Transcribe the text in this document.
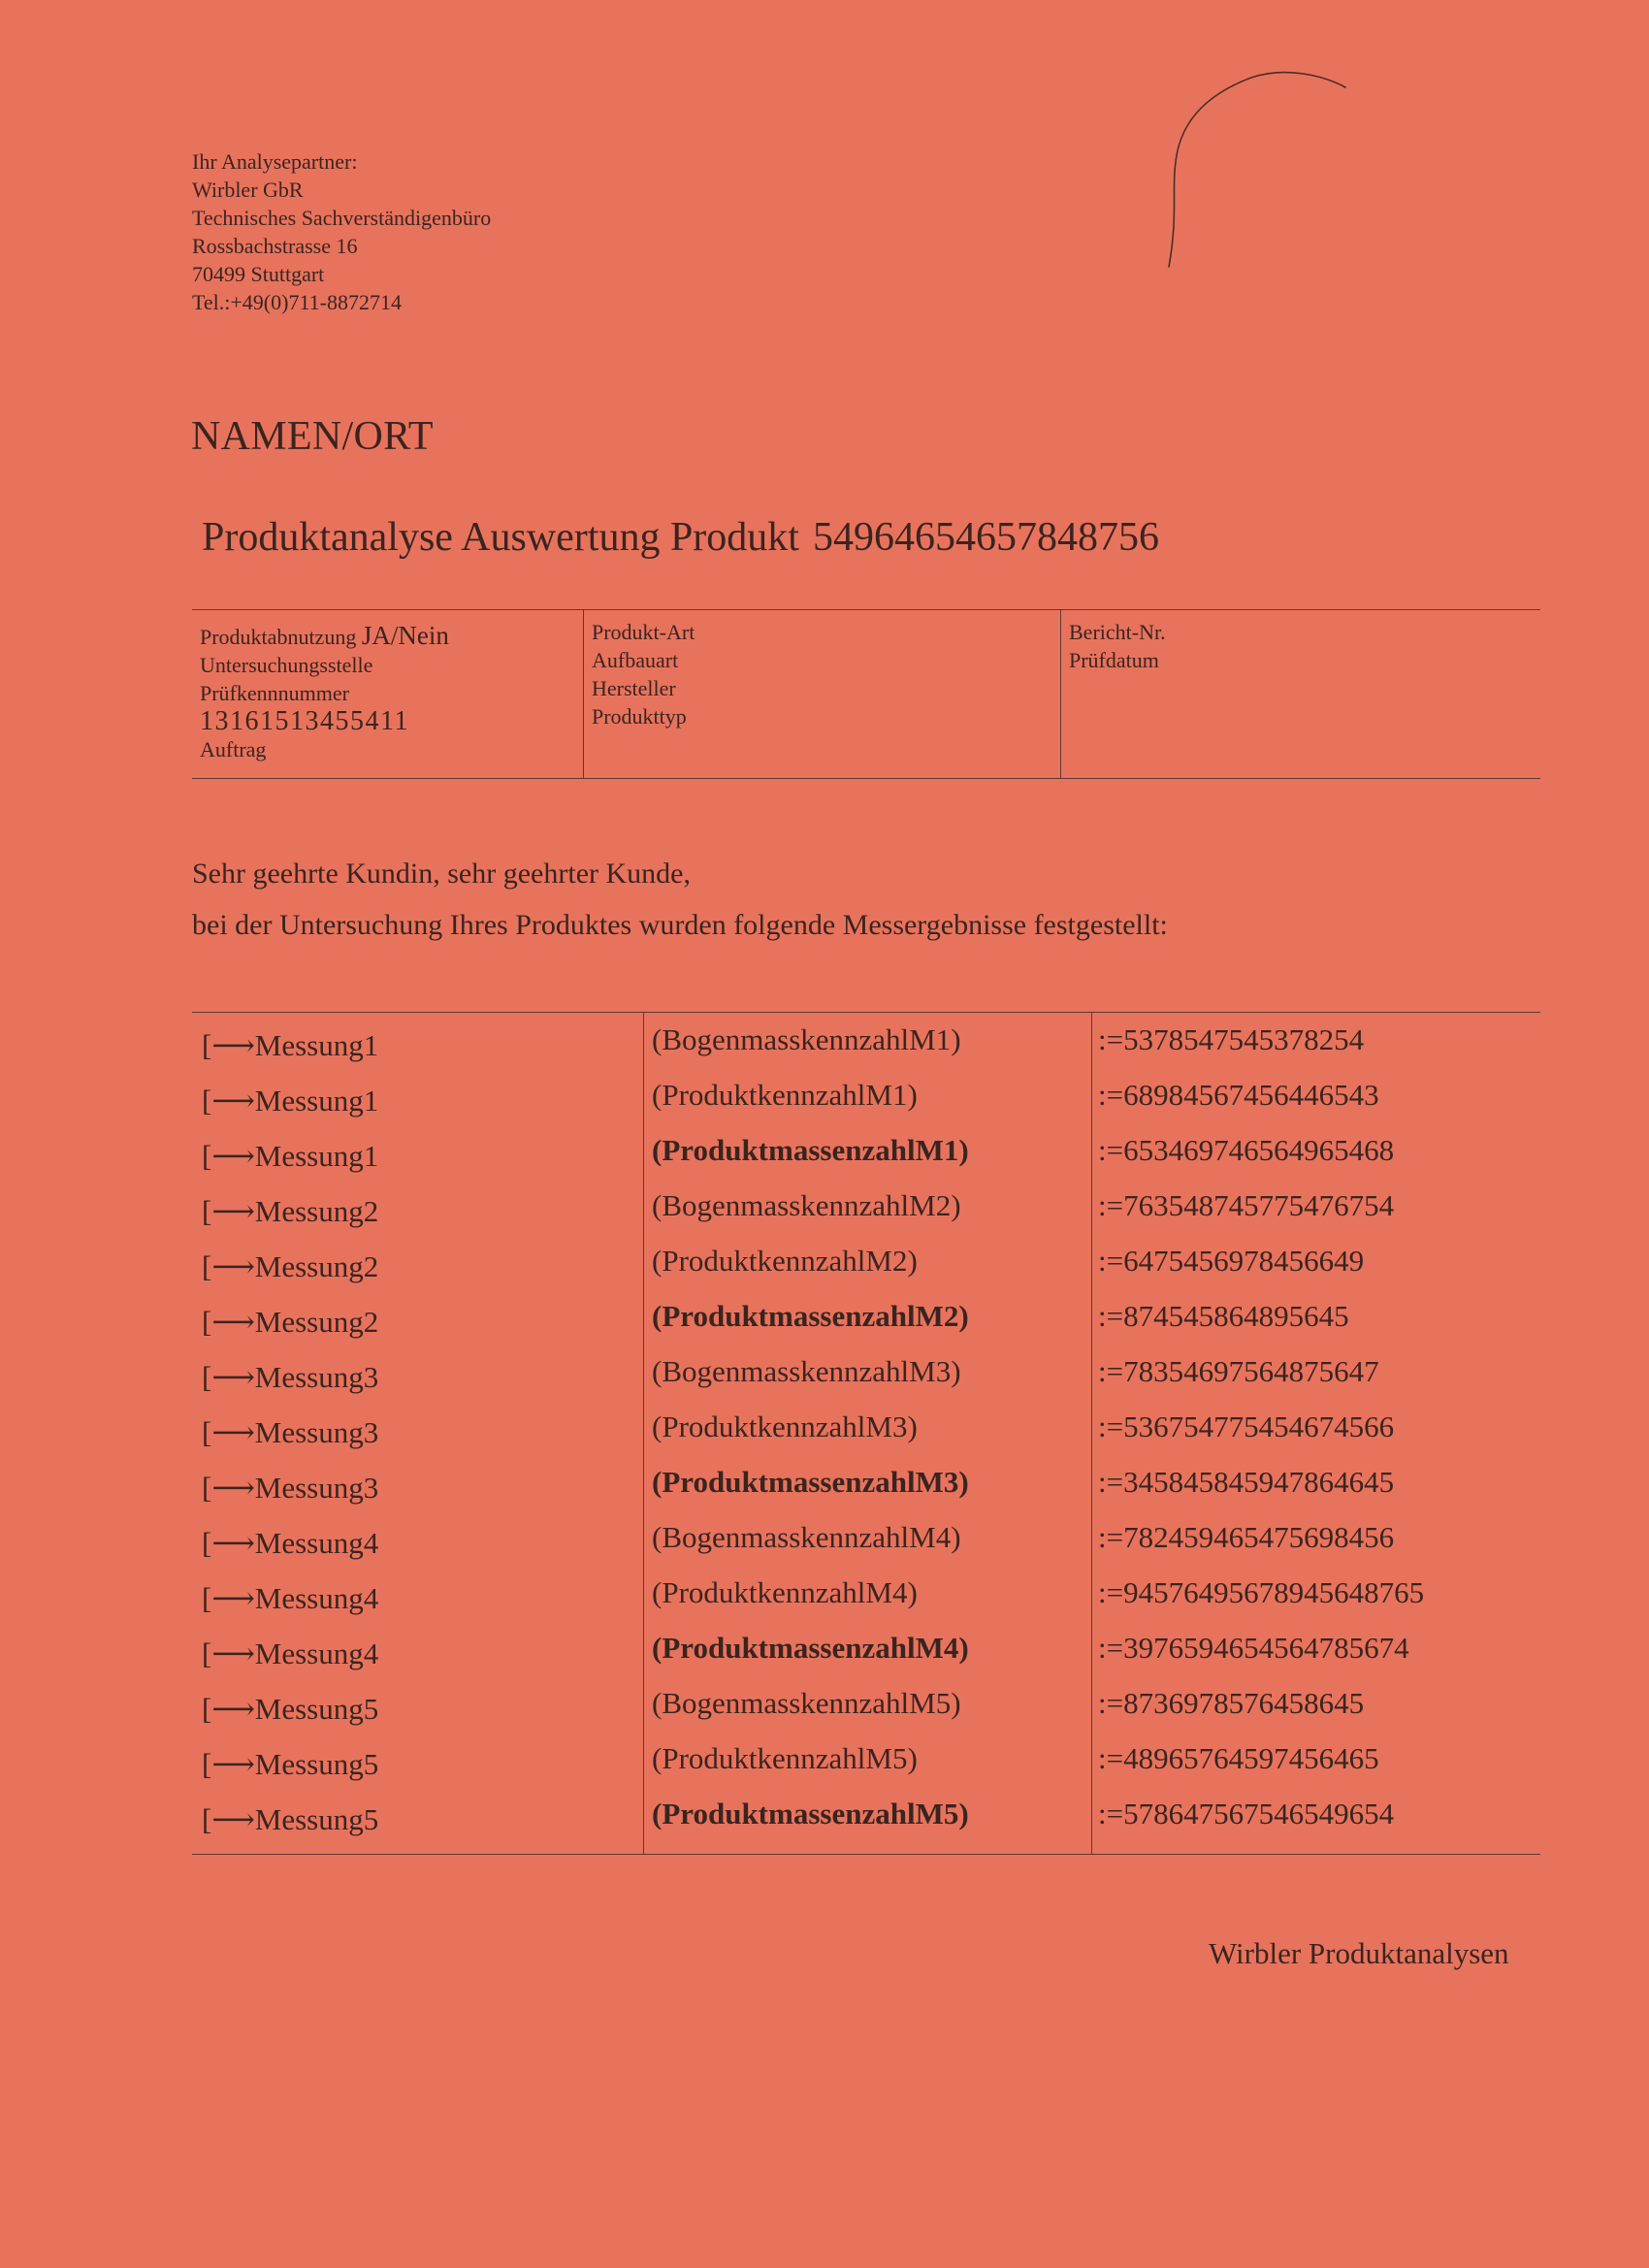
Ihr Analysepartner:
Wirbler GbR
Technisches Sachverständigenbüro
Rossbachstrasse 16
70499 Stuttgart
Tel.:+49(0)711-8872714
NAMEN/ORT
Produktanalyse Auswertung Produkt 54964654657848756
Produktabnutzung JA/Nein
Untersuchungsstelle
Prüfkennnummer
13161513455411
Auftrag
Produkt-Art
Aufbauart
Hersteller
Produkttyp
Bericht-Nr.
Prüfdatum
Sehr geehrte Kundin, sehr geehrter Kunde,
bei der Untersuchung Ihres Produktes wurden folgende Messergebnisse festgestellt:
[⟶Messung1
[⟶Messung1
[⟶Messung1
[⟶Messung2
[⟶Messung2
[⟶Messung2
[⟶Messung3
[⟶Messung3
[⟶Messung3
[⟶Messung4
[⟶Messung4
[⟶Messung4
[⟶Messung5
[⟶Messung5
[⟶Messung5
(BogenmasskennzahlM1)
(ProduktkennzahlM1)
(ProduktmassenzahlM1)
(BogenmasskennzahlM2)
(ProduktkennzahlM2)
(ProduktmassenzahlM2)
(BogenmasskennzahlM3)
(ProduktkennzahlM3)
(ProduktmassenzahlM3)
(BogenmasskennzahlM4)
(ProduktkennzahlM4)
(ProduktmassenzahlM4)
(BogenmasskennzahlM5)
(ProduktkennzahlM5)
(ProduktmassenzahlM5)
:=5378547545378254
:=68984567456446543
:=653469746564965468
:=763548745775476754
:=6475456978456649
:=874545864895645
:=78354697564875647
:=536754775454674566
:=345845845947864645
:=782459465475698456
:=94576495678945648765
:=3976594654564785674
:=8736978576458645
:=48965764597456465
:=578647567546549654
Wirbler Produktanalysen
